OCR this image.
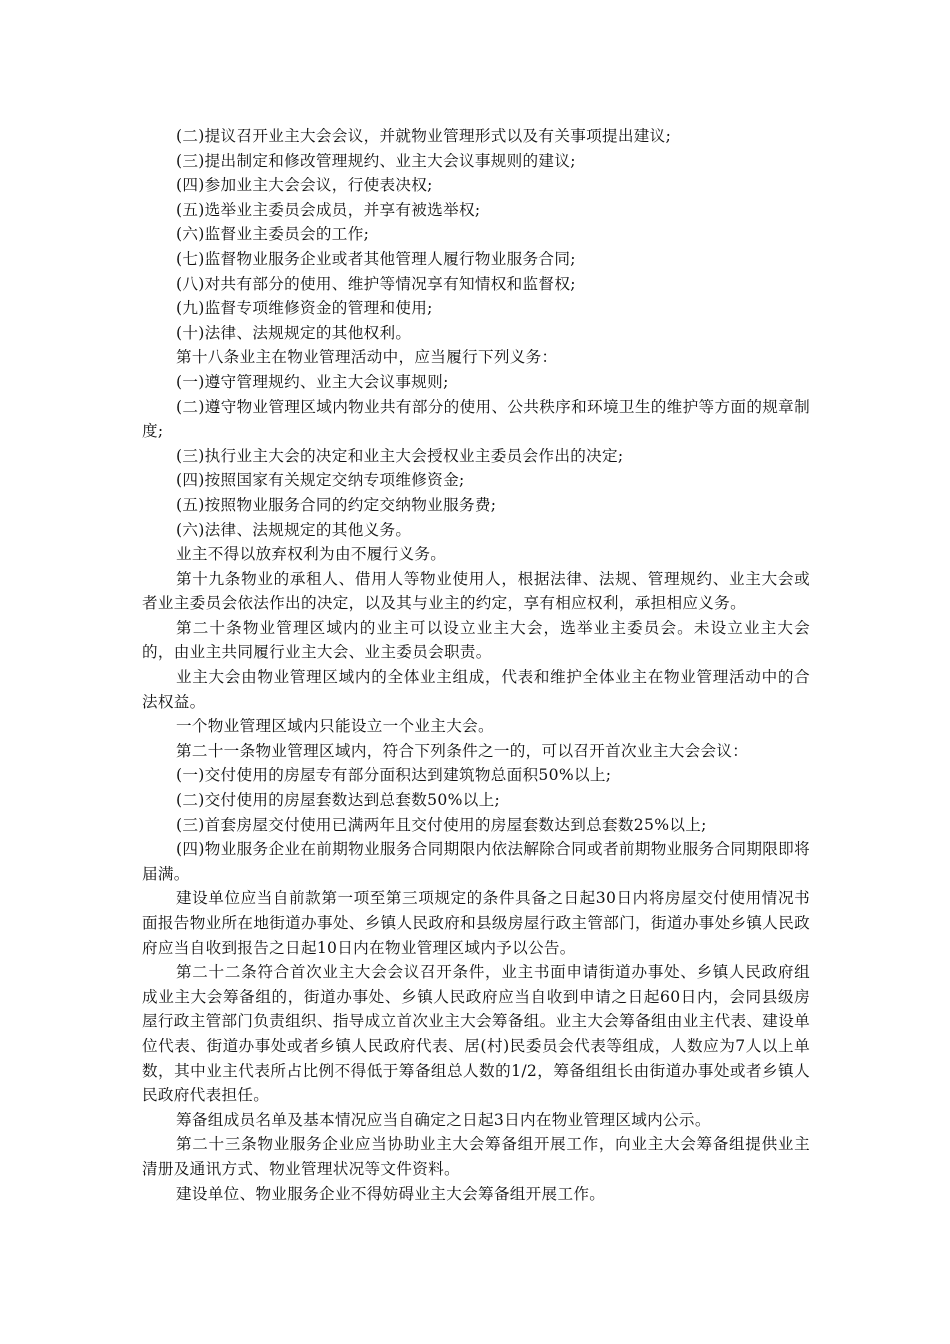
(二)提议召开业主大会会议，并就物业管理形式以及有关事项提出建议;

(三)提出制定和修改管理规约、业主大会议事规则的建议;

(四)参加业主大会会议，行使表决权;

(五)选举业主委员会成员，并享有被选举权;

(六)监督业主委员会的工作;

(七)监督物业服务企业或者其他管理人履行物业服务合同;

(八)对共有部分的使用、维护等情况享有知情权和监督权;

(九)监督专项维修资金的管理和使用;

(十)法律、法规规定的其他权利。

第十八条业主在物业管理活动中，应当履行下列义务：

(一)遵守管理规约、业主大会议事规则;

(二)遵守物业管理区域内物业共有部分的使用、公共秩序和环境卫生的维护等方面的规章制度;

(三)执行业主大会的决定和业主大会授权业主委员会作出的决定;

(四)按照国家有关规定交纳专项维修资金;

(五)按照物业服务合同的约定交纳物业服务费;

(六)法律、法规规定的其他义务。

业主不得以放弃权利为由不履行义务。

第十九条物业的承租人、借用人等物业使用人，根据法律、法规、管理规约、业主大会或者业主委员会依法作出的决定，以及其与业主的约定，享有相应权利，承担相应义务。

第二十条物业管理区域内的业主可以设立业主大会，选举业主委员会。未设立业主大会的，由业主共同履行业主大会、业主委员会职责。

业主大会由物业管理区域内的全体业主组成，代表和维护全体业主在物业管理活动中的合法权益。

一个物业管理区域内只能设立一个业主大会。

第二十一条物业管理区域内，符合下列条件之一的，可以召开首次业主大会会议：

(一)交付使用的房屋专有部分面积达到建筑物总面积50%以上;

(二)交付使用的房屋套数达到总套数50%以上;

(三)首套房屋交付使用已满两年且交付使用的房屋套数达到总套数25%以上;

(四)物业服务企业在前期物业服务合同期限内依法解除合同或者前期物业服务合同期限即将届满。

建设单位应当自前款第一项至第三项规定的条件具备之日起30日内将房屋交付使用情况书面报告物业所在地街道办事处、乡镇人民政府和县级房屋行政主管部门，街道办事处乡镇人民政府应当自收到报告之日起10日内在物业管理区域内予以公告。

第二十二条符合首次业主大会会议召开条件，业主书面申请街道办事处、乡镇人民政府组成业主大会筹备组的，街道办事处、乡镇人民政府应当自收到申请之日起60日内，会同县级房屋行政主管部门负责组织、指导成立首次业主大会筹备组。业主大会筹备组由业主代表、建设单位代表、街道办事处或者乡镇人民政府代表、居(村)民委员会代表等组成，人数应为7人以上单数，其中业主代表所占比例不得低于筹备组总人数的1/2，筹备组组长由街道办事处或者乡镇人民政府代表担任。

筹备组成员名单及基本情况应当自确定之日起3日内在物业管理区域内公示。

第二十三条物业服务企业应当协助业主大会筹备组开展工作，向业主大会筹备组提供业主清册及通讯方式、物业管理状况等文件资料。

建设单位、物业服务企业不得妨碍业主大会筹备组开展工作。
